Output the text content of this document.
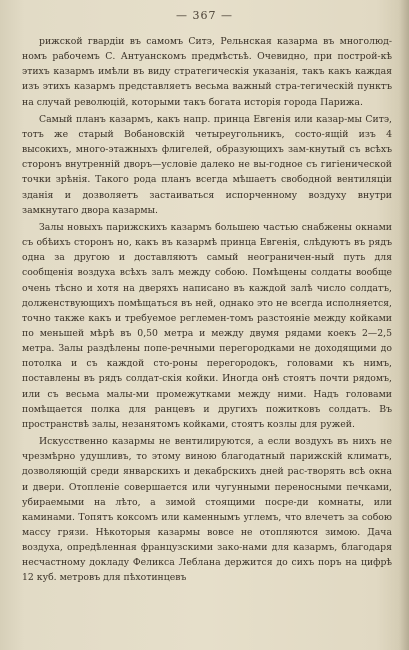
— 367 —

рижской гвардіи въ самомъ Ситэ, Рельнская казарма въ многолюд-номъ рабочемъ С. Антуанскомъ предмѣстьѣ. Очевидно, при построй-кѣ этихъ казармъ имѣли въ виду стратегическія указанія, такъ какъ каждая изъ этихъ казармъ представляетъ весьма важный стра-тегическій пунктъ на случай революцій, которыми такъ богата исторія города Парижа.

Самый планъ казармъ, какъ напр. принца Евгенія или казар-мы Ситэ, тотъ же старый Вобановскій четыреугольникъ, состо-ящій изъ 4 высокихъ, много-этажныхъ флигелей, образующихъ зам-кнутый съ всѣхъ сторонъ внутренній дворъ—условіе далеко не вы-годное съ гигіенической точки зрѣнія. Такого рода планъ всегда мѣшаетъ свободной вентиляціи зданія и дозволяетъ застаиваться испорченному воздуху внутри замкнутаго двора казармы.

Залы новыхъ парижскихъ казармъ большею частью снабжены окнами съ обѣихъ сторонъ но, какъ въ казармѣ принца Евгенія, слѣдуютъ въ рядъ одна за другою и доставляютъ самый неограничен-ный путь для сообщенія воздуха всѣхъ залъ между собою. Помѣщены солдаты вообще очень тѣсно и хотя на дверяхъ написано въ каждой залѣ число солдатъ, долженствующихъ помѣщаться въ ней, однако это не всегда исполняется, точно также какъ и требуемое реглемен-томъ разстояніе между койками по меньшей мѣрѣ въ 0,50 метра и между двумя рядами коекъ 2—2,5 метра. Залы раздѣлены попе-речными перегородками не доходящими до потолка и съ каждой сто-роны перегородокъ, головами къ нимъ, поставлены въ рядъ солдат-скія койки. Иногда онѣ стоятъ почти рядомъ, или съ весьма малы-ми промежутками между ними. Надъ головами помѣщается полка для ранцевъ и другихъ пожитковъ солдатъ. Въ пространствѣ залы, незанятомъ койками, стоятъ козлы для ружей.

Искусственно казармы не вентилируются, а если воздухъ въ нихъ не чрезмѣрно удушливъ, то этому виною благодатный парижскій климатъ, дозволяющій среди январскихъ и декабрскихъ дней рас-творять всѣ окна и двери. Отопленіе совершается или чугунными переносными печками, убираемыми на лѣто, а зимой стоящими посре-ди комнаты, или каминами. Топятъ коксомъ или каменнымъ углемъ, что влечетъ за собою массу грязи. Нѣкоторыя казармы вовсе не отопляются зимою. Дача воздуха, опредѣленная французскими зако-нами для казармъ, благодаря несчастному докладу Феликса Леблана держится до сихъ поръ на цифрѣ 12 куб. метровъ для пѣхотинцевъ
